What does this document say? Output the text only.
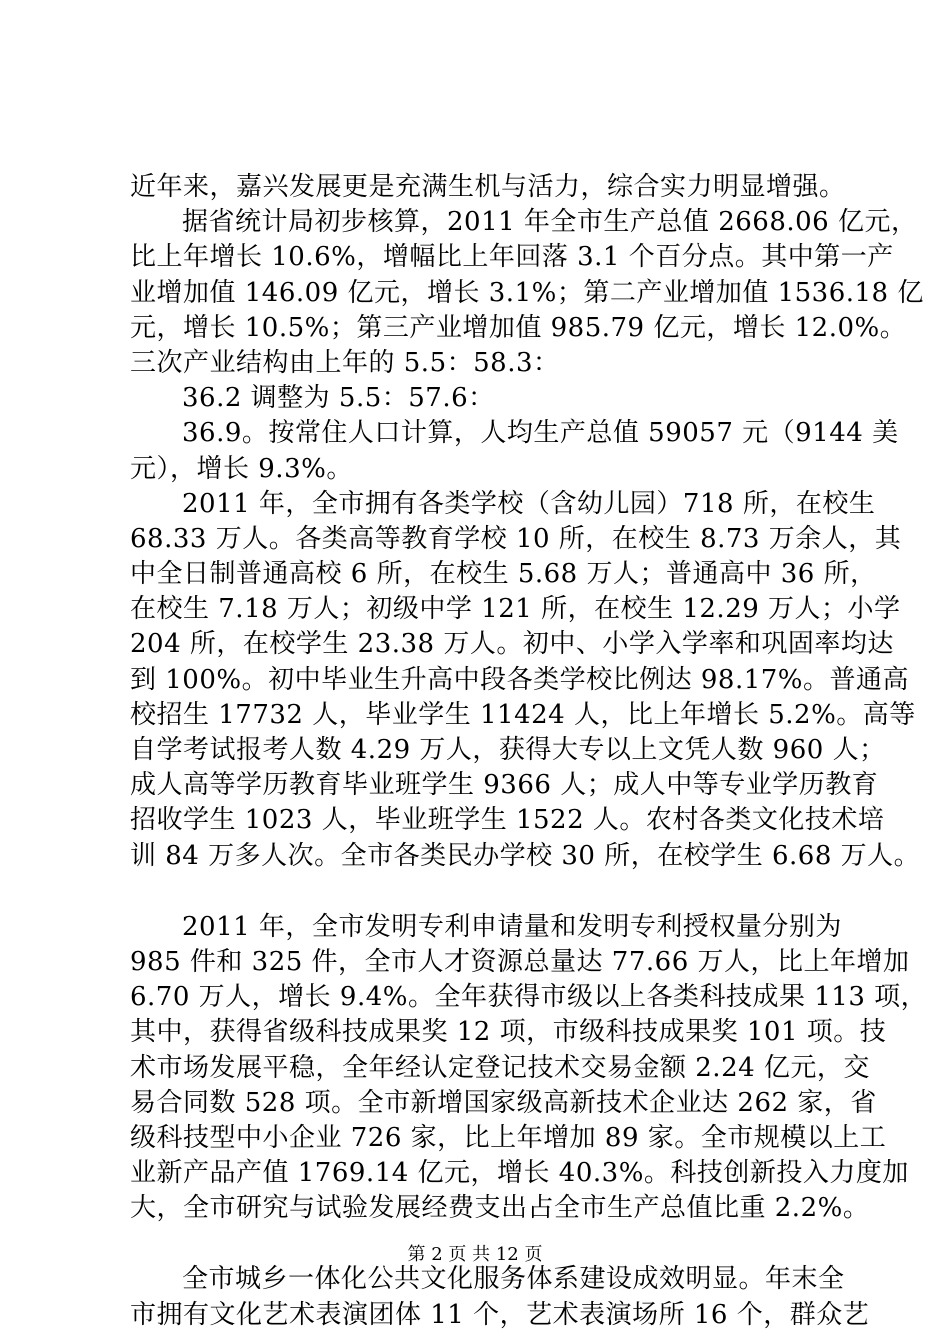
近年来，嘉兴发展更是充满生机与活力，综合实力明显增强。
据省统计局初步核算，2011 年全市生产总值 2668.06 亿元，
比上年增长 10.6%，增幅比上年回落 3.1 个百分点。其中第一产
业增加值 146.09 亿元，增长 3.1%；第二产业增加值 1536.18 亿
元，增长 10.5%；第三产业增加值 985.79 亿元，增长 12.0%。
三次产业结构由上年的 5.5：58.3：
36.2 调整为 5.5：57.6：
36.9。按常住人口计算，人均生产总值 59057 元（9144 美
元），增长 9.3%。
2011 年，全市拥有各类学校（含幼儿园）718 所，在校生
68.33 万人。各类高等教育学校 10 所，在校生 8.73 万余人，其
中全日制普通高校 6 所，在校生 5.68 万人；普通高中 36 所，
在校生 7.18 万人；初级中学 121 所，在校生 12.29 万人；小学
204 所，在校学生 23.38 万人。初中、小学入学率和巩固率均达
到 100%。初中毕业生升高中段各类学校比例达 98.17%。普通高
校招生 17732 人，毕业学生 11424 人，比上年增长 5.2%。高等
自学考试报考人数 4.29 万人，获得大专以上文凭人数 960 人；
成人高等学历教育毕业班学生 9366 人；成人中等专业学历教育
招收学生 1023 人，毕业班学生 1522 人。农村各类文化技术培
训 84 万多人次。全市各类民办学校 30 所，在校学生 6.68 万人。
2011 年，全市发明专利申请量和发明专利授权量分别为
985 件和 325 件，全市人才资源总量达 77.66 万人，比上年增加
6.70 万人，增长 9.4%。全年获得市级以上各类科技成果 113 项，
其中，获得省级科技成果奖 12 项，市级科技成果奖 101 项。技
术市场发展平稳，全年经认定登记技术交易金额 2.24 亿元，交
易合同数 528 项。全市新增国家级高新技术企业达 262 家，省
级科技型中小企业 726 家，比上年增加 89 家。全市规模以上工
业新产品产值 1769.14 亿元，增长 40.3%。科技创新投入力度加
大，全市研究与试验发展经费支出占全市生产总值比重 2.2%。
全市城乡一体化公共文化服务体系建设成效明显。年末全
市拥有文化艺术表演团体 11 个，艺术表演场所 16 个，群众艺
第 2 页 共 12 页
